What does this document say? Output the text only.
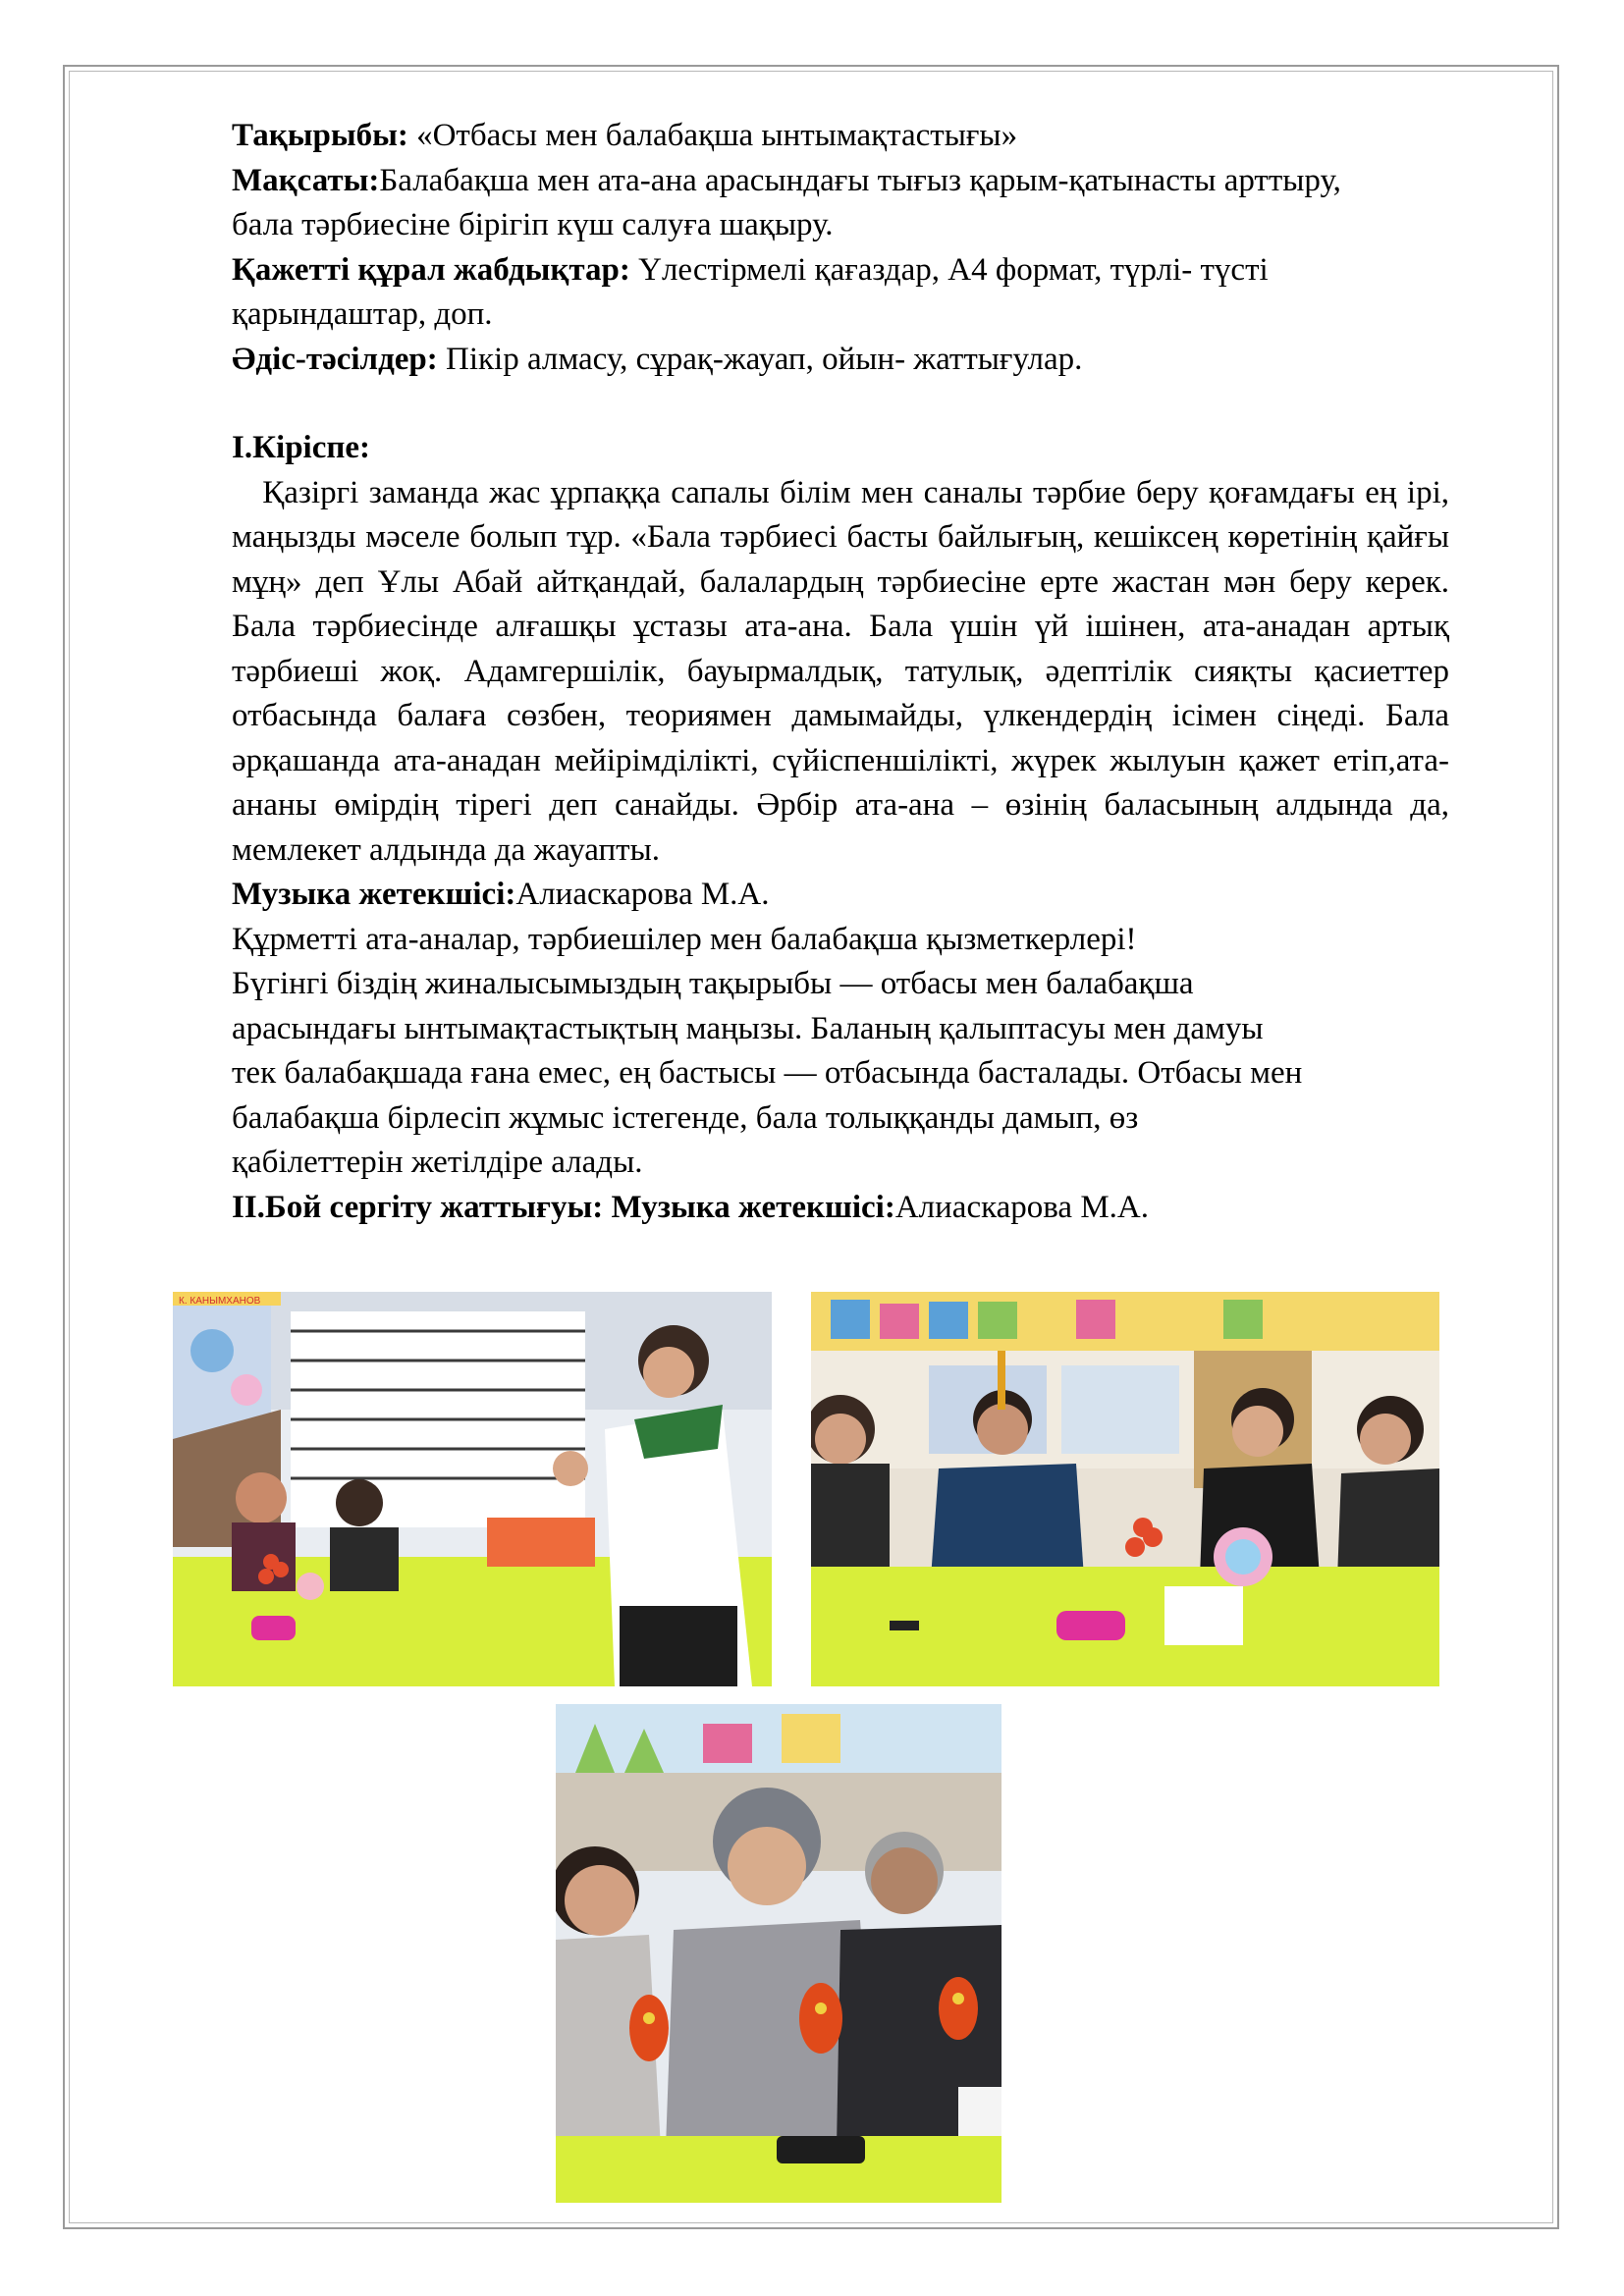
Тақырыбы: «Отбасы мен балабақша ынтымақтастығы»

Мақсаты:Балабақша мен ата-ана арасындағы тығыз қарым-қатынасты арттыру, бала тәрбиесіне бірігіп күш салуға шақыру.

Қажетті құрал жабдықтар: Үлестірмелі қағаздар, А4 формат, түрлі- түсті қарындаштар, доп.

Әдіс-тәсілдер: Пікір алмасу, сұрақ-жауап, ойын- жаттығулар.

I.Кіріспе:

Қазіргі заманда жас ұрпаққа сапалы білім мен саналы тәрбие беру қоғамдағы ең ірі, маңызды мәселе болып тұр. «Бала тәрбиесі басты байлығың, кешіксең көретінің қайғы мұң» деп Ұлы Абай айтқандай, балалардың тәрбиесіне ерте жастан мән беру керек. Бала тәрбиесінде алғашқы ұстазы ата-ана. Бала үшін үй ішінен, ата-анадан артық тәрбиеші жоқ. Адамгершілік, бауырмалдық, татулық, әдептілік сияқты қасиеттер отбасында балаға сөзбен, теориямен дамымайды, үлкендердің ісімен сіңеді. Бала әрқашанда ата-анадан мейірімділікті, сүйіспеншілікті, жүрек жылуын қажет етіп,ата-ананы өмірдің тірегі деп санайды. Әрбір ата-ана – өзінің баласының алдында да, мемлекет алдында да жауапты.

Музыка жетекшісі:Алиаскарова М.А.

Құрметті ата-аналар, тәрбиешілер мен балабақша қызметкерлері!

Бүгінгі біздің жиналысымыздың тақырыбы — отбасы мен балабақша

арасындағы ынтымақтастықтың маңызы. Баланың қалыптасуы мен дамуы

тек балабақшада ғана емес, ең бастысы — отбасында басталады. Отбасы мен

балабақша бірлесіп жұмыс істегенде, бала толыққанды дамып, өз

қабілеттерін жетілдіре алады.

II.Бой сергіту жаттығуы: Музыка жетекшісі:Алиаскарова М.А.

К. КАНЫМХАНОВ
